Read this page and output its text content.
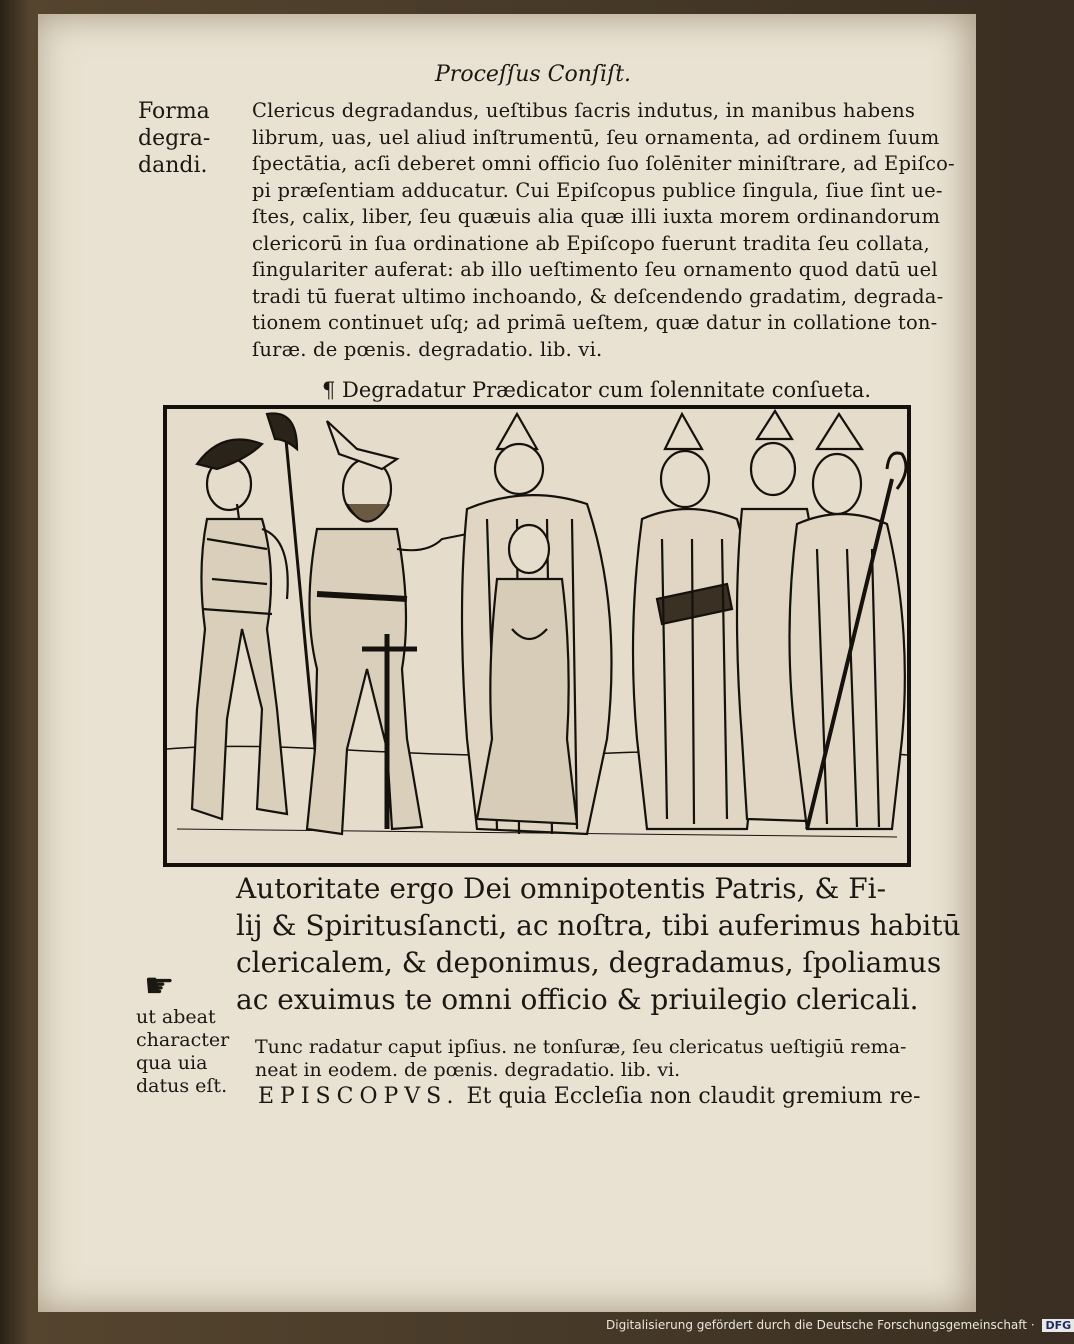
Proceſſus Conſiſt.
Forma
degra-
dandi.
Clericus degradandus, ueſtibus ſacris indutus, in manibus habens
librum, uas, uel aliud inſtrumentū, ſeu ornamenta, ad ordinem ſuum
ſpectātia, acſi deberet omni officio ſuo ſolēniter miniſtrare, ad Epiſco-
pi præſentiam adducatur. Cui Epiſcopus publice ſingula, ſiue ſint ue-
ſtes, calix, liber, ſeu quæuis alia quæ illi iuxta morem ordinandorum
clericorū in ſua ordinatione ab Epiſcopo fuerunt tradita ſeu collata,
ſingulariter auferat: ab illo ueſtimento ſeu ornamento quod datū uel
tradi tū fuerat ultimo inchoando, & deſcendendo gradatim, degrada-
tionem continuet uſq; ad primā ueſtem, quæ datur in collatione ton-
ſuræ. de pœnis. degradatio. lib. vi.
¶ Degradatur Prædicator cum ſolennitate conſueta.
Autoritate ergo Dei omnipotentis Patris, & Fi-
lij & Spiritusſancti, ac noſtra, tibi auferimus habitū
clericalem, & deponimus, degradamus, ſpoliamus
ac exuimus te omni officio & priuilegio clericali.
☛
ut abeat
character
qua uia
datus eſt.
Tunc radatur caput ipſius. ne tonſuræ, ſeu clericatus ueſtigiū rema-
neat in eodem. de pœnis. degradatio. lib. vi.
EPISCOPVS. Et quia Eccleſia non claudit gremium re-
Digitalisierung gefördert durch die Deutsche Forschungsgemeinschaft · DFG
